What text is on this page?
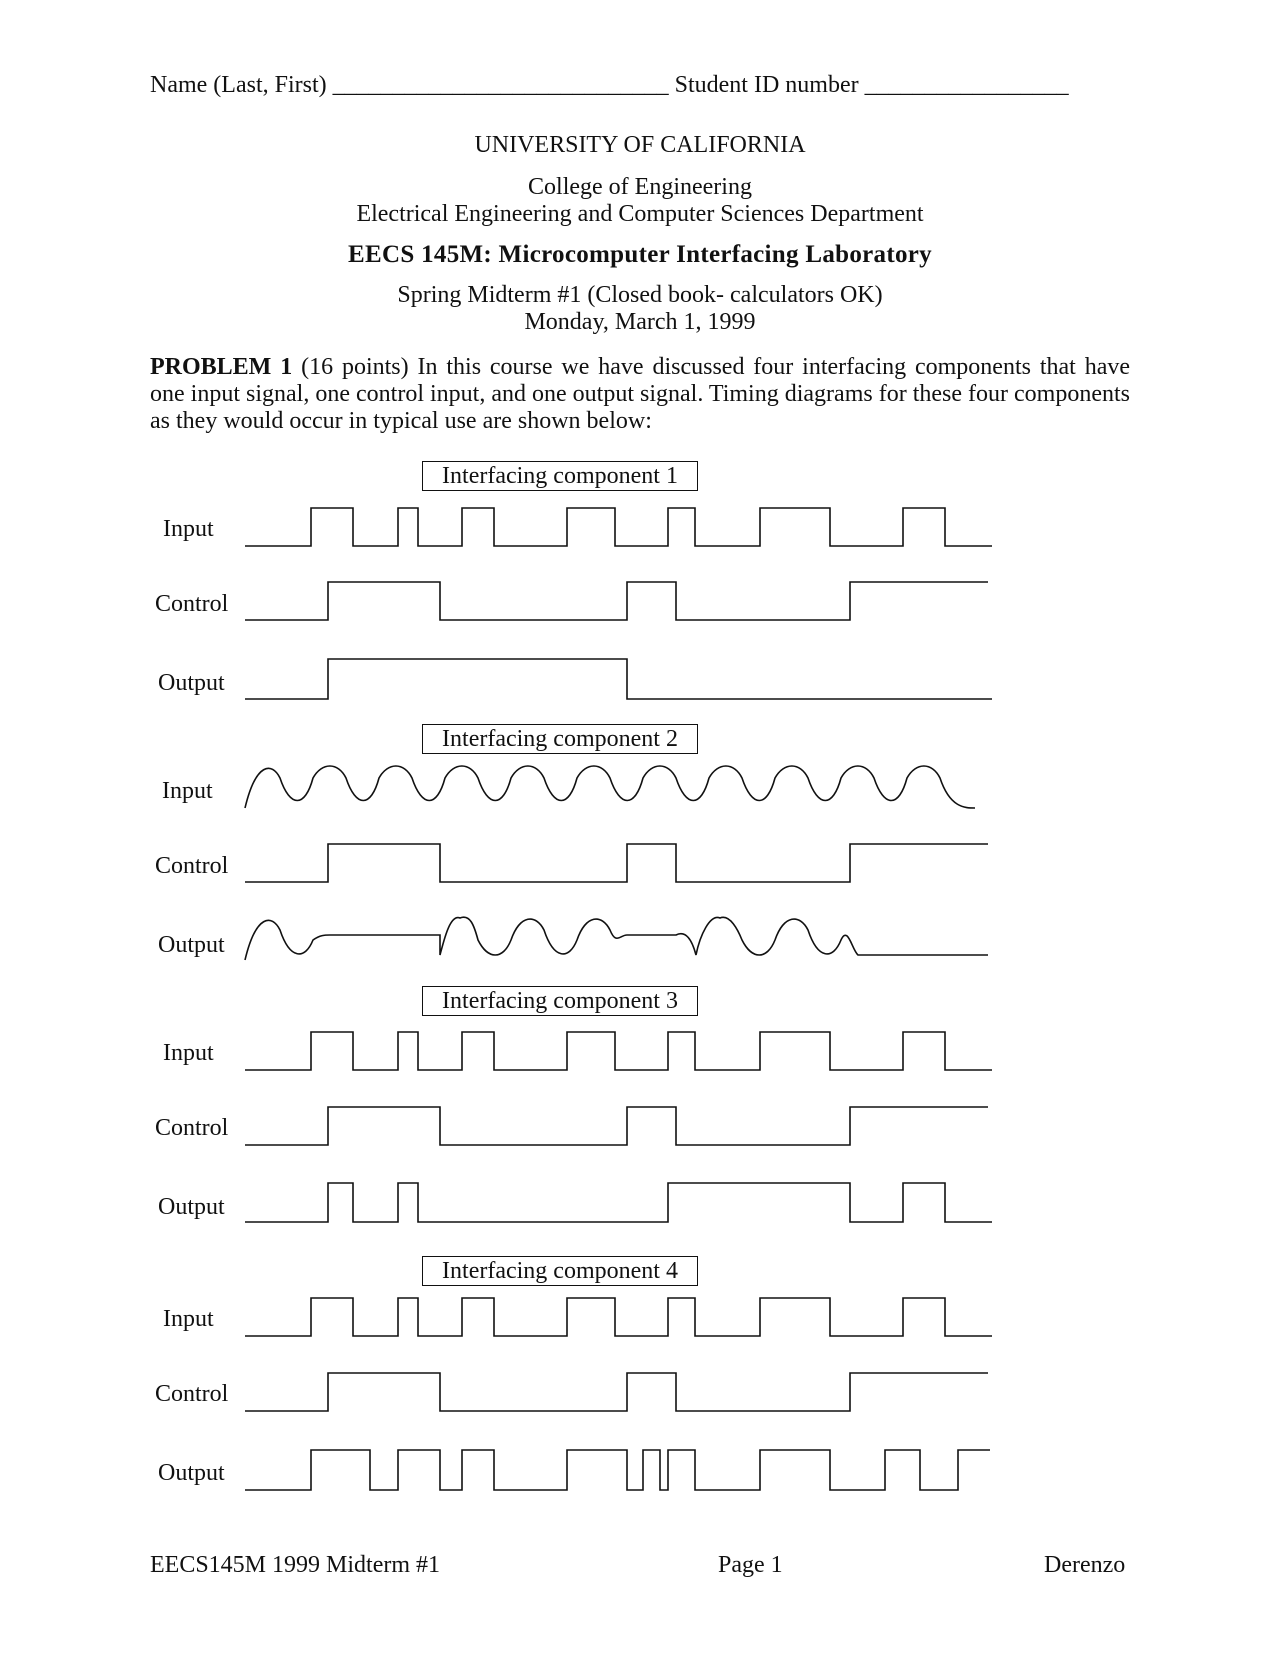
Name (Last, First) ____________________________ Student ID number _________________
UNIVERSITY OF CALIFORNIA
College of Engineering
Electrical Engineering and Computer Sciences Department
EECS 145M: Microcomputer Interfacing Laboratory
Spring Midterm #1 (Closed book- calculators OK)
Monday, March 1, 1999
PROBLEM 1 (16 points) In this course we have discussed four interfacing components that have one input signal, one control input, and one output signal. Timing diagrams for these four components as they would occur in typical use are shown below:
Interfacing component 1
Interfacing component 2
Interfacing component 3
Interfacing component 4
Input
Control
Output
Input
Control
Output
Input
Control
Output
Input
Control
Output
EECS145M 1999 Midterm #1	Page 1	Derenzo
